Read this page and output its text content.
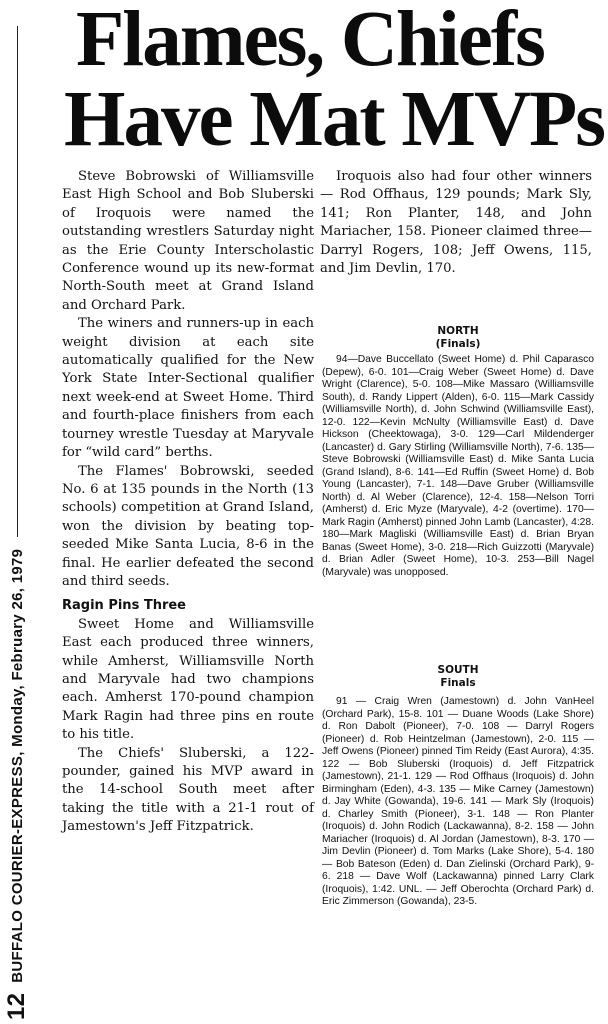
Flames, Chiefs
Have Mat MVPs
12
BUFFALO COURIER-EXPRESS, Monday, February 26, 1979

Steve Bobrowski of Williamsville East High School and Bob Sluberski of Iroquois were named the outstanding wrestlers Saturday night as the Erie County Interscholastic Conference wound up its new-format North-South meet at Grand Island and Orchard Park.

The winers and runners-up in each weight division at each site automatically qualified for the New York State Inter-Sectional qualifier next week-end at Sweet Home. Third and fourth-place finishers from each tourney wrestle Tuesday at Maryvale for “wild card” berths.

The Flames' Bobrowski, seeded No. 6 at 135 pounds in the North (13 schools) competition at Grand Island, won the division by beating top-seeded Mike Santa Lucia, 8-6 in the final. He earlier defeated the second and third seeds.

Ragin Pins Three

Sweet Home and Williamsville East each produced three winners, while Amherst, Williamsville North and Maryvale had two champions each. Amherst 170-pound champion Mark Ragin had three pins en route to his title.

The Chiefs' Sluberski, a 122-pounder, gained his MVP award in the 14-school South meet after taking the title with a 21-1 rout of Jamestown's Jeff Fitzpatrick.

Iroquois also had four other winners — Rod Offhaus, 129 pounds; Mark Sly, 141; Ron Planter, 148, and John Mariacher, 158. Pioneer claimed three—Darryl Rogers, 108; Jeff Owens, 115, and Jim Devlin, 170.

NORTH
(Finals)

94—Dave Buccellato (Sweet Home) d. Phil Caparasco (Depew), 6-0. 101—Craig Weber (Sweet Home) d. Dave Wright (Clarence), 5-0. 108—Mike Massaro (Williamsville South), d. Randy Lippert (Alden), 6-0. 115—Mark Cassidy (Williamsville North), d. John Schwind (Williamsville East), 12-0. 122—Kevin McNulty (Williamsville East) d. Dave Hickson (Cheektowaga), 3-0. 129—Carl Mildenderger (Lancaster) d. Gary Stirling (Williamsville North), 7-6. 135—Steve Bobrowski (Williamsville East) d. Mike Santa Lucia (Grand Island), 8-6. 141—Ed Ruffin (Sweet Home) d. Bob Young (Lancaster), 7-1. 148—Dave Gruber (Williamsville North) d. Al Weber (Clarence), 12-4. 158—Nelson Torri (Amherst) d. Eric Myze (Maryvale), 4-2 (overtime). 170—Mark Ragin (Amherst) pinned John Lamb (Lancaster), 4:28. 180—Mark Magliski (Williamsville East) d. Brian Bryan Banas (Sweet Home), 3-0. 218—Rich Guizzotti (Maryvale) d. Brian Adler (Sweet Home), 10-3. 253—Bill Nagel (Maryvale) was unopposed.

SOUTH
Finals

91 — Craig Wren (Jamestown) d. John VanHeel (Orchard Park), 15-8. 101 — Duane Woods (Lake Shore) d. Ron Dabolt (Pioneer), 7-0. 108 — Darryl Rogers (Pioneer) d. Rob Heintzelman (Jamestown), 2-0. 115 — Jeff Owens (Pioneer) pinned Tim Reidy (East Aurora), 4:35. 122 — Bob Sluberski (Iroquois) d. Jeff Fitzpatrick (Jamestown), 21-1. 129 — Rod Offhaus (Iroquois) d. John Birmingham (Eden), 4-3. 135 — Mike Carney (Jamestown) d. Jay White (Gowanda), 19-6. 141 — Mark Sly (Iroquois) d. Charley Smith (Pioneer), 3-1. 148 — Ron Planter (Iroquois) d. John Rodich (Lackawanna), 8-2. 158 — John Mariacher (Iroquois) d. Al Jordan (Jamestown), 8-3. 170 — Jim Devlin (Pioneer) d. Tom Marks (Lake Shore), 5-4. 180 — Bob Bateson (Eden) d. Dan Zielinski (Orchard Park), 9-6. 218 — Dave Wolf (Lackawanna) pinned Larry Clark (Iroquois), 1:42. UNL. — Jeff Oberochta (Orchard Park) d. Eric Zimmerson (Gowanda), 23-5.
